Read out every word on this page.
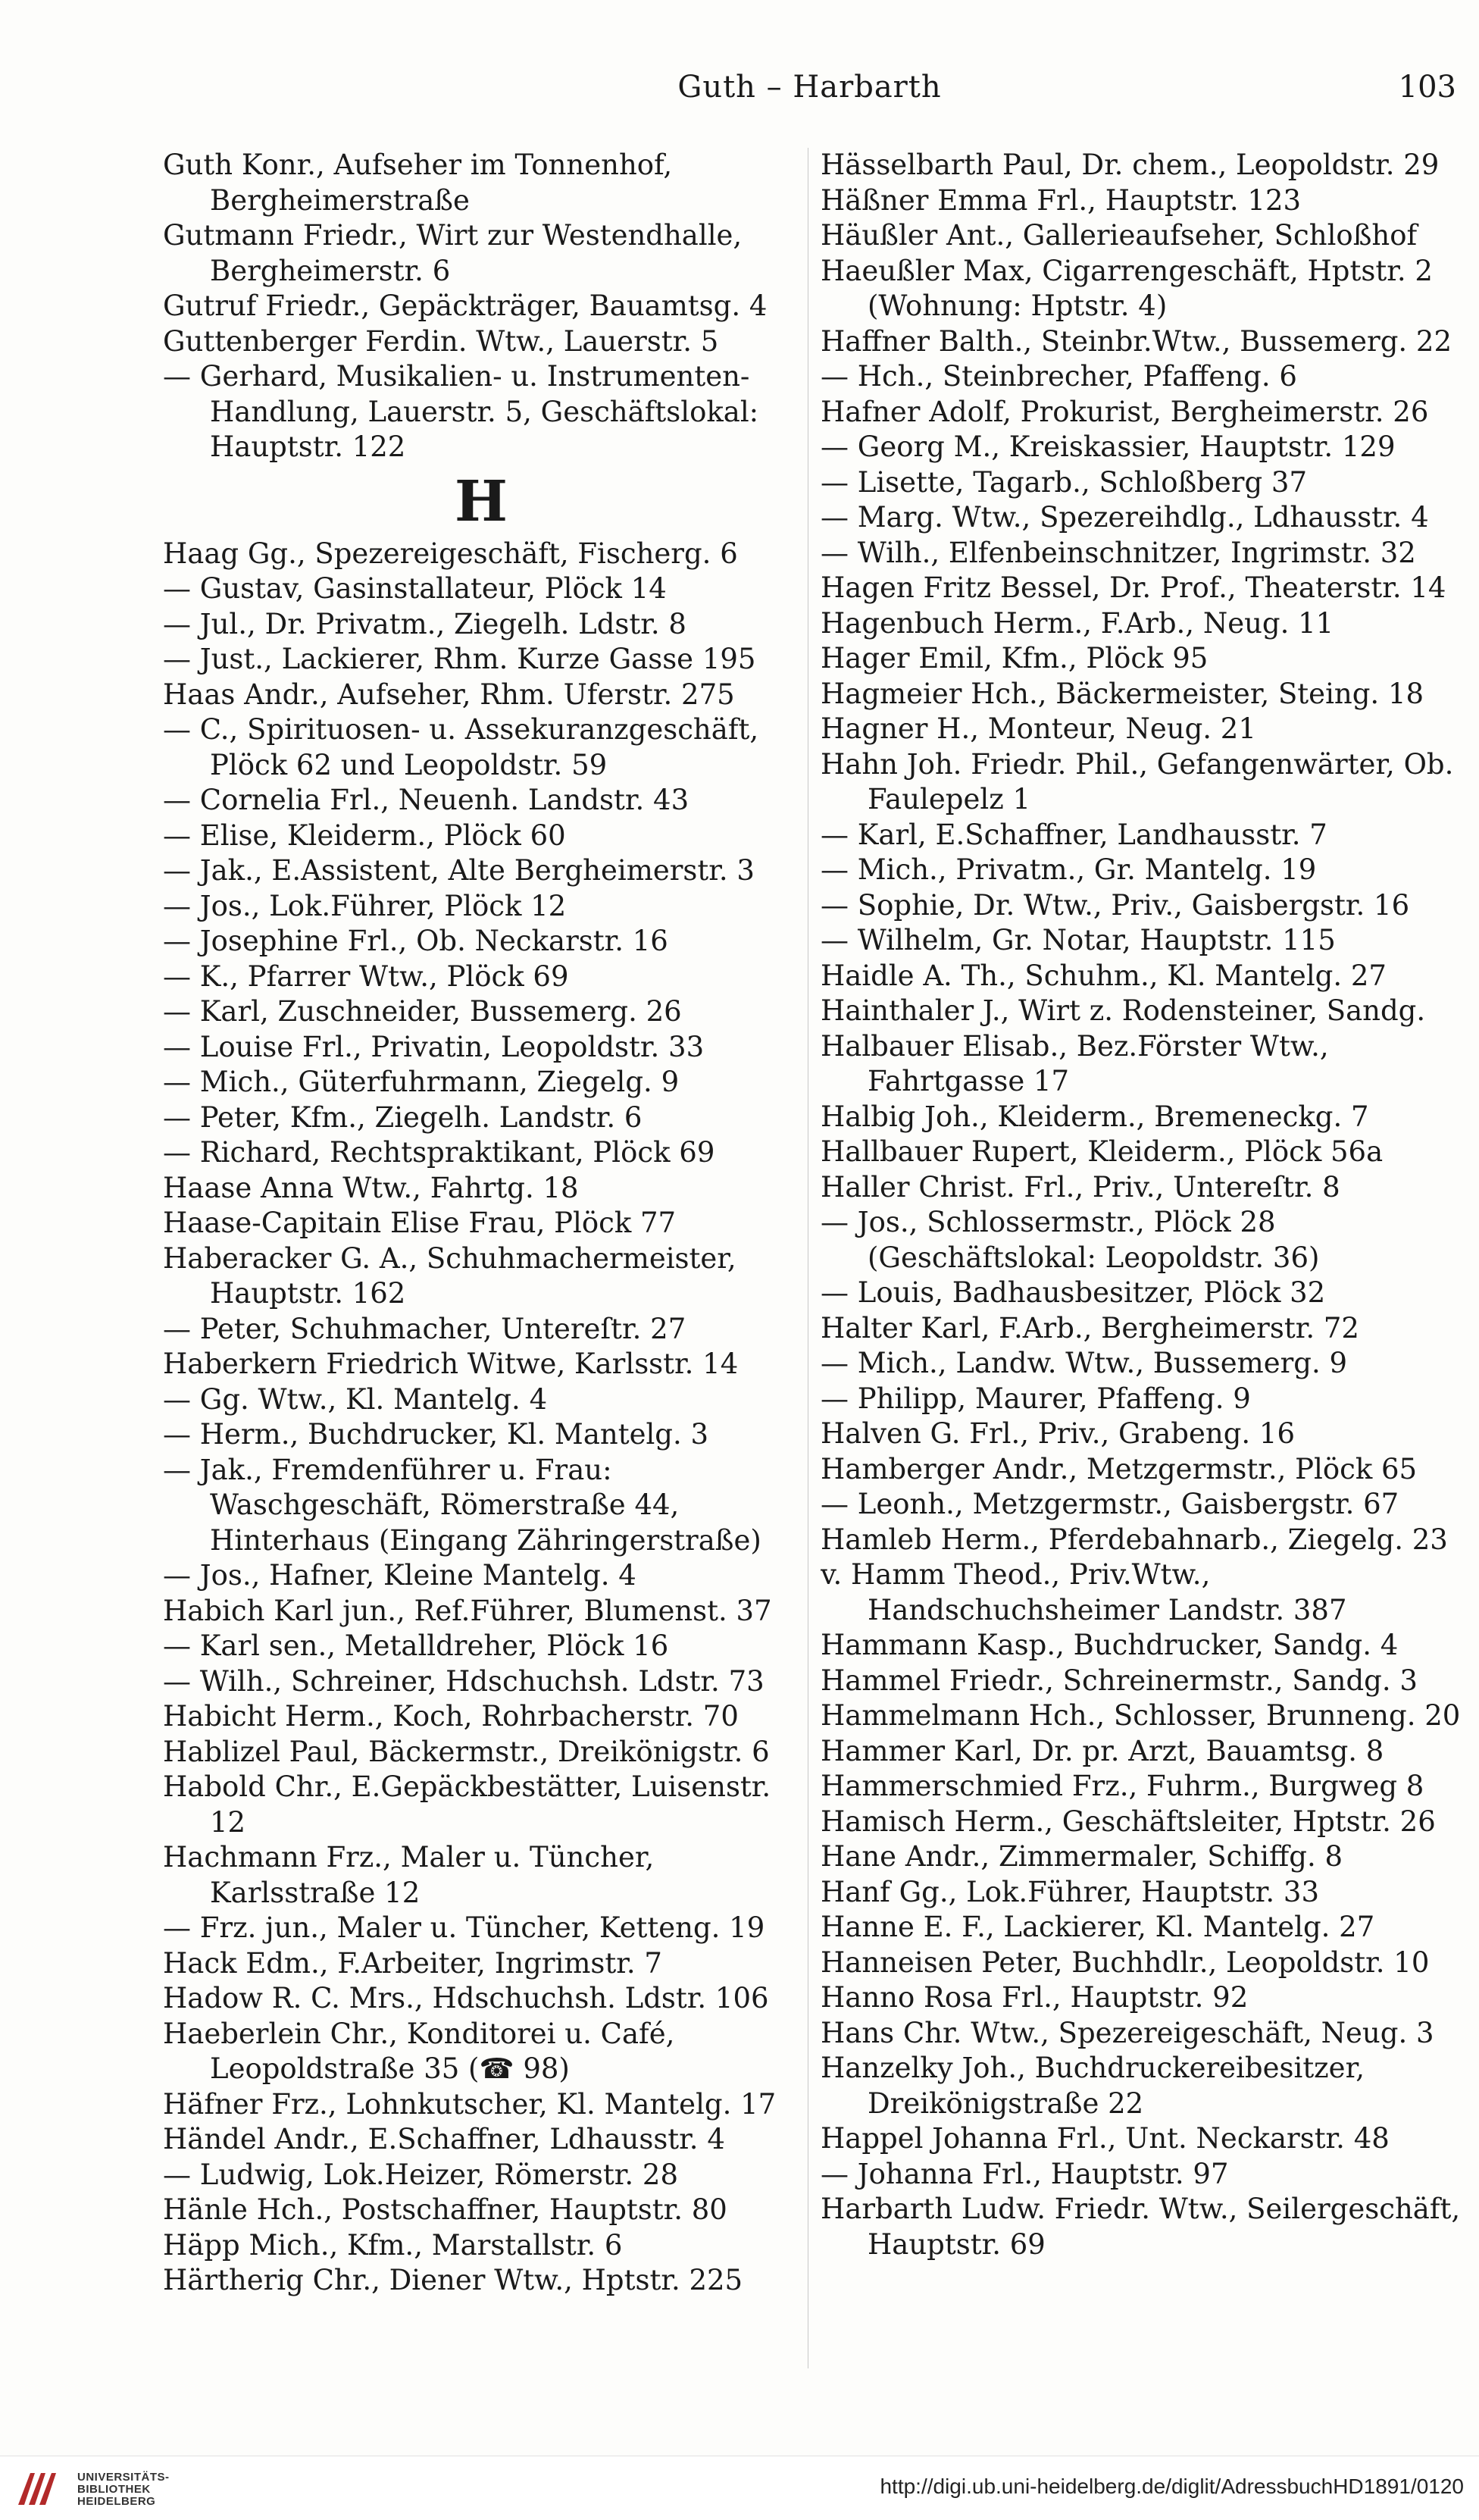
Guth – Harbarth	103
Guth Konr., Aufseher im Tonnenhof, Bergheimerstraße
Gutmann Friedr., Wirt zur Westendhalle, Bergheimerstr. 6
Gutruf Friedr., Gepäckträger, Bauamtsg. 4
Guttenberger Ferdin. Wtw., Lauerstr. 5
— Gerhard, Musikalien- u. Instrumenten-Handlung, Lauerstr. 5, Geschäftslokal: Hauptstr. 122
H
Haag Gg., Spezereigeschäft, Fischerg. 6
— Gustav, Gasinstallateur, Plöck 14
— Jul., Dr. Privatm., Ziegelh. Ldstr. 8
— Just., Lackierer, Rhm. Kurze Gasse 195
Haas Andr., Aufseher, Rhm. Uferstr. 275
— C., Spirituosen- u. Assekuranzgeschäft, Plöck 62 und Leopoldstr. 59
— Cornelia Frl., Neuenh. Landstr. 43
— Elise, Kleiderm., Plöck 60
— Jak., E.Assistent, Alte Bergheimerstr. 3
— Jos., Lok.Führer, Plöck 12
— Josephine Frl., Ob. Neckarstr. 16
— K., Pfarrer Wtw., Plöck 69
— Karl, Zuschneider, Bussemerg. 26
— Louise Frl., Privatin, Leopoldstr. 33
— Mich., Güterfuhrmann, Ziegelg. 9
— Peter, Kfm., Ziegelh. Landstr. 6
— Richard, Rechtspraktikant, Plöck 69
Haase Anna Wtw., Fahrtg. 18
Haase-Capitain Elise Frau, Plöck 77
Haberacker G. A., Schuhmachermeister, Hauptstr. 162
— Peter, Schuhmacher, Untereſtr. 27
Haberkern Friedrich Witwe, Karlsstr. 14
— Gg. Wtw., Kl. Mantelg. 4
— Herm., Buchdrucker, Kl. Mantelg. 3
— Jak., Fremdenführer u. Frau: Waschgeschäft, Römerstraße 44, Hinterhaus (Eingang Zähringerstraße)
— Jos., Hafner, Kleine Mantelg. 4
Habich Karl jun., Ref.Führer, Blumenst. 37
— Karl sen., Metalldreher, Plöck 16
— Wilh., Schreiner, Hdschuchsh. Ldstr. 73
Habicht Herm., Koch, Rohrbacherstr. 70
Hablizel Paul, Bäckermstr., Dreikönigstr. 6
Habold Chr., E.Gepäckbestätter, Luisenstr. 12
Hachmann Frz., Maler u. Tüncher, Karlsstraße 12
— Frz. jun., Maler u. Tüncher, Ketteng. 19
Hack Edm., F.Arbeiter, Ingrimstr. 7
Hadow R. C. Mrs., Hdschuchsh. Ldstr. 106
Haeberlein Chr., Konditorei u. Café, Leopoldstraße 35 (☎ 98)
Häfner Frz., Lohnkutscher, Kl. Mantelg. 17
Händel Andr., E.Schaffner, Ldhausstr. 4
— Ludwig, Lok.Heizer, Römerstr. 28
Hänle Hch., Postschaffner, Hauptstr. 80
Häpp Mich., Kfm., Marstallstr. 6
Härtherig Chr., Diener Wtw., Hptstr. 225
Hässelbarth Paul, Dr. chem., Leopoldstr. 29
Häßner Emma Frl., Hauptstr. 123
Häußler Ant., Gallerieaufseher, Schloßhof
Haeußler Max, Cigarrengeschäft, Hptstr. 2 (Wohnung: Hptstr. 4)
Haffner Balth., Steinbr.Wtw., Bussemerg. 22
— Hch., Steinbrecher, Pfaffeng. 6
Hafner Adolf, Prokurist, Bergheimerstr. 26
— Georg M., Kreiskassier, Hauptstr. 129
— Lisette, Tagarb., Schloßberg 37
— Marg. Wtw., Spezereihdlg., Ldhausstr. 4
— Wilh., Elfenbeinschnitzer, Ingrimstr. 32
Hagen Fritz Bessel, Dr. Prof., Theaterstr. 14
Hagenbuch Herm., F.Arb., Neug. 11
Hager Emil, Kfm., Plöck 95
Hagmeier Hch., Bäckermeister, Steing. 18
Hagner H., Monteur, Neug. 21
Hahn Joh. Friedr. Phil., Gefangenwärter, Ob. Faulepelz 1
— Karl, E.Schaffner, Landhausstr. 7
— Mich., Privatm., Gr. Mantelg. 19
— Sophie, Dr. Wtw., Priv., Gaisbergstr. 16
— Wilhelm, Gr. Notar, Hauptstr. 115
Haidle A. Th., Schuhm., Kl. Mantelg. 27
Hainthaler J., Wirt z. Rodensteiner, Sandg.
Halbauer Elisab., Bez.Förster Wtw., Fahrtgasse 17
Halbig Joh., Kleiderm., Bremeneckg. 7
Hallbauer Rupert, Kleiderm., Plöck 56a
Haller Christ. Frl., Priv., Untereſtr. 8
— Jos., Schlossermstr., Plöck 28 (Geschäftslokal: Leopoldstr. 36)
— Louis, Badhausbesitzer, Plöck 32
Halter Karl, F.Arb., Bergheimerstr. 72
— Mich., Landw. Wtw., Bussemerg. 9
— Philipp, Maurer, Pfaffeng. 9
Halven G. Frl., Priv., Grabeng. 16
Hamberger Andr., Metzgermstr., Plöck 65
— Leonh., Metzgermstr., Gaisbergstr. 67
Hamleb Herm., Pferdebahnarb., Ziegelg. 23
v. Hamm Theod., Priv.Wtw., Handschuchsheimer Landstr. 387
Hammann Kasp., Buchdrucker, Sandg. 4
Hammel Friedr., Schreinermstr., Sandg. 3
Hammelmann Hch., Schlosser, Brunneng. 20
Hammer Karl, Dr. pr. Arzt, Bauamtsg. 8
Hammerschmied Frz., Fuhrm., Burgweg 8
Hamisch Herm., Geschäftsleiter, Hptstr. 26
Hane Andr., Zimmermaler, Schiffg. 8
Hanf Gg., Lok.Führer, Hauptstr. 33
Hanne E. F., Lackierer, Kl. Mantelg. 27
Hanneisen Peter, Buchhdlr., Leopoldstr. 10
Hanno Rosa Frl., Hauptstr. 92
Hans Chr. Wtw., Spezereigeschäft, Neug. 3
Hanzelky Joh., Buchdruckereibesitzer, Dreikönigstraße 22
Happel Johanna Frl., Unt. Neckarstr. 48
— Johanna Frl., Hauptstr. 97
Harbarth Ludw. Friedr. Wtw., Seilergeschäft, Hauptstr. 69
UNIVERSITÄTS-
BIBLIOTHEK
HEIDELBERG
http://digi.ub.uni-heidelberg.de/diglit/AdressbuchHD1891/0120
